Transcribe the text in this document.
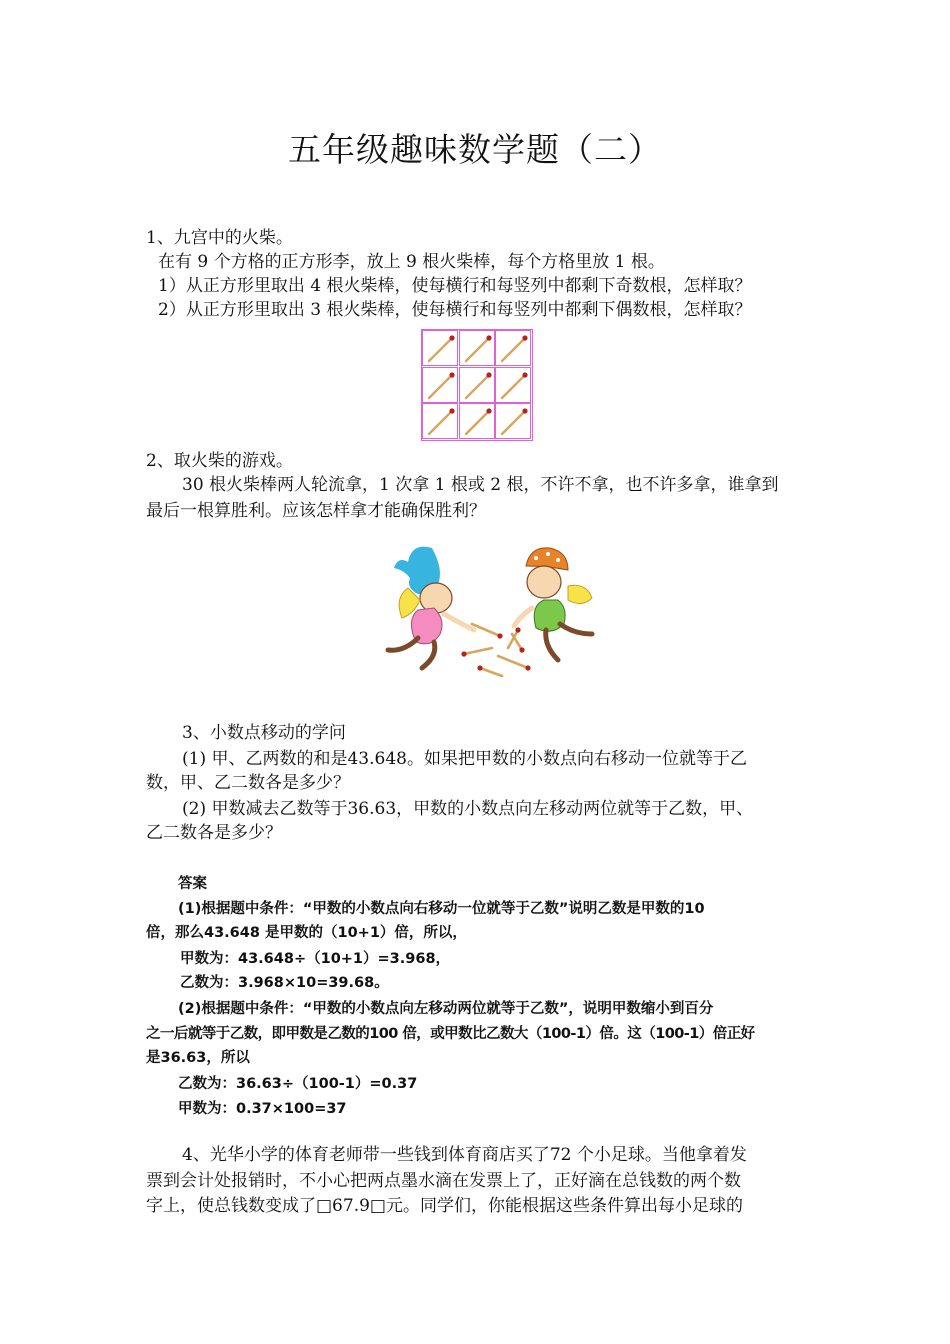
五年级趣味数学题（二）
1、九宫中的火柴。
在有 9 个方格的正方形李，放上 9 根火柴棒，每个方格里放 1 根。
1）从正方形里取出 4 根火柴棒，使每横行和每竖列中都剩下奇数根，怎样取？
2）从正方形里取出 3 根火柴棒，使每横行和每竖列中都剩下偶数根，怎样取？
2、取火柴的游戏。
30 根火柴棒两人轮流拿，1 次拿 1 根或 2 根，不许不拿，也不许多拿，谁拿到
最后一根算胜利。应该怎样拿才能确保胜利？
3、小数点移动的学问
(1) 甲、乙两数的和是43.648。如果把甲数的小数点向右移动一位就等于乙
数，甲、乙二数各是多少？
(2) 甲数减去乙数等于36.63，甲数的小数点向左移动两位就等于乙数，甲、
乙二数各是多少？
答案
(1)根据题中条件：“甲数的小数点向右移动一位就等于乙数”说明乙数是甲数的10
倍，那么43.648 是甲数的（10+1）倍，所以，
甲数为：43.648÷（10+1）=3.968，
乙数为：3.968×10=39.68。
(2)根据题中条件：“甲数的小数点向左移动两位就等于乙数”，说明甲数缩小到百分
之一后就等于乙数，即甲数是乙数的100 倍，或甲数比乙数大（100-1）倍。这（100-1）倍正好
是36.63，所以
乙数为：36.63÷（100-1）=0.37
甲数为：0.37×100=37
4、光华小学的体育老师带一些钱到体育商店买了72 个小足球。当他拿着发
票到会计处报销时，不小心把两点墨水滴在发票上了，正好滴在总钱数的两个数
字上，使总钱数变成了□67.9□元。同学们，你能根据这些条件算出每小足球的
